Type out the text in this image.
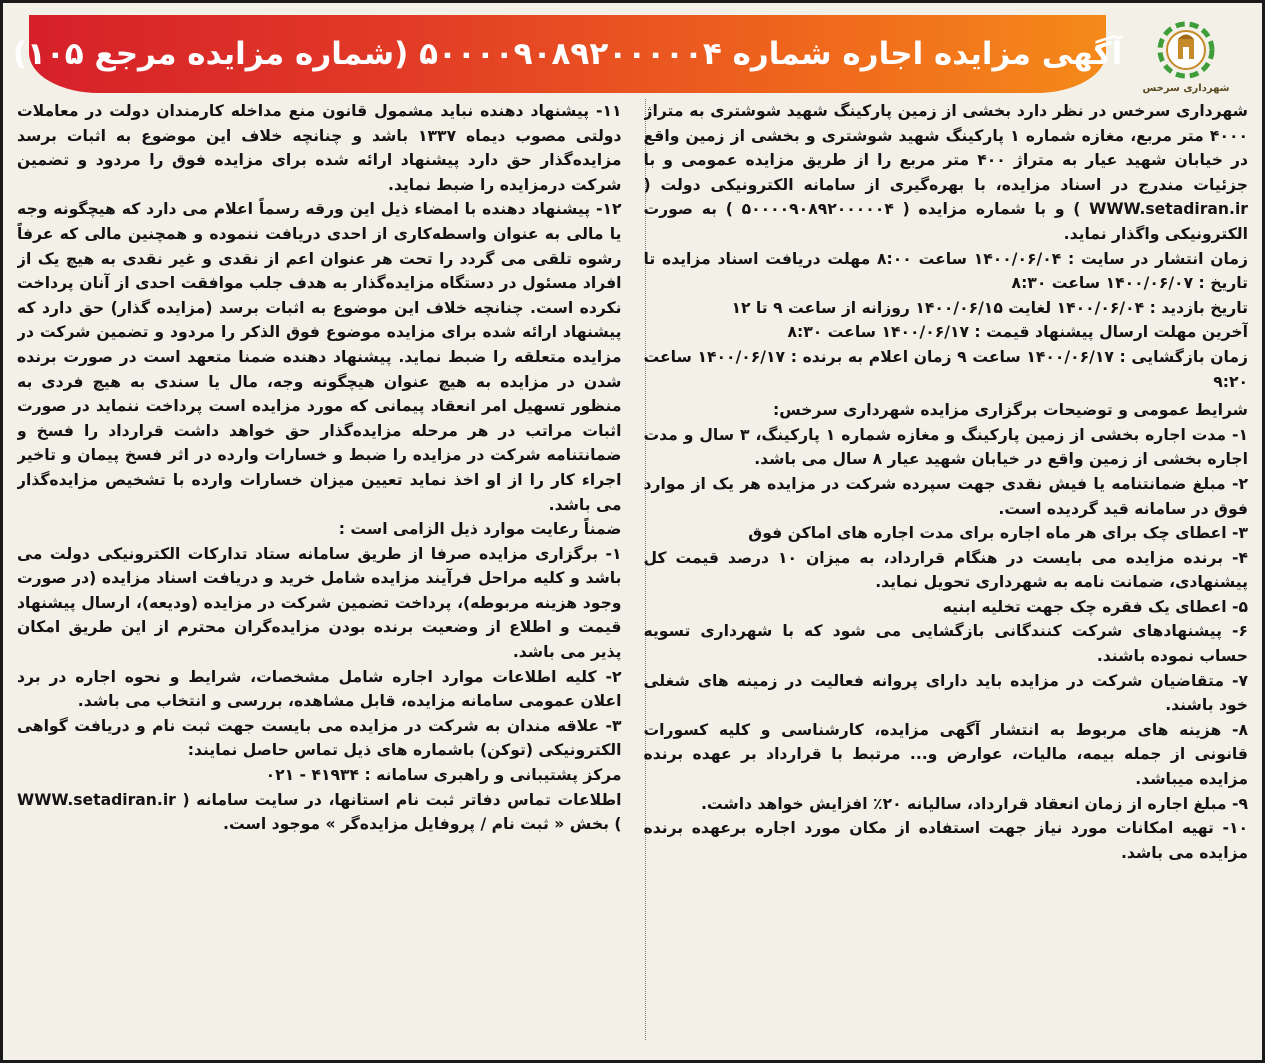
آگهی مزایده اجاره شماره ۵۰۰۰۰۹۰۸۹۲۰۰۰۰۰۴ (شماره مزایده مرجع ۱۰۵)
شهرداری سرخس

شهرداری سرخس در نظر دارد بخشی از زمین پارکینگ شهید شوشتری به متراژ ۴۰۰۰ متر مربع، مغازه شماره ۱ پارکینگ شهید شوشتری و بخشی از زمین واقع در خیابان شهید عیار به متراژ ۴۰۰ متر مربع را از طریق مزایده عمومی و با جزئیات مندرج در اسناد مزایده، با بهره‌گیری از سامانه الکترونیکی دولت ( WWW.setadiran.ir ) و با شماره مزایده ( ۵۰۰۰۰۹۰۸۹۲۰۰۰۰۰۴ ) به صورت الکترونیکی واگذار نماید.

زمان انتشار در سایت : ۱۴۰۰/۰۶/۰۴ ساعت ۸:۰۰ مهلت دریافت اسناد مزایده تا تاریخ : ۱۴۰۰/۰۶/۰۷ ساعت ۸:۳۰

تاریخ بازدید : ۱۴۰۰/۰۶/۰۴ لغایت ۱۴۰۰/۰۶/۱۵ روزانه از ساعت ۹ تا ۱۲

آخرین مهلت ارسال پیشنهاد قیمت : ۱۴۰۰/۰۶/۱۷ ساعت ۸:۳۰

زمان بازگشایی : ۱۴۰۰/۰۶/۱۷ ساعت ۹ زمان اعلام به برنده : ۱۴۰۰/۰۶/۱۷ ساعت ۹:۲۰

شرایط عمومی و توضیحات برگزاری مزایده شهرداری سرخس:

۱- مدت اجاره بخشی از زمین پارکینگ و مغازه شماره ۱ پارکینگ، ۳ سال و مدت اجاره بخشی از زمین واقع در خیابان شهید عیار ۸ سال می باشد.

۲- مبلغ ضمانتنامه یا فیش نقدی جهت سپرده شرکت در مزایده هر یک از موارد فوق در سامانه قید گردیده است.

۳- اعطای چک برای هر ماه اجاره برای مدت اجاره های اماکن فوق

۴- برنده مزایده می بایست در هنگام قرارداد، به میزان ۱۰ درصد قیمت کل پیشنهادی، ضمانت نامه به شهرداری تحویل نماید.

۵- اعطای یک فقره چک جهت تخلیه ابنیه

۶- پیشنهادهای شرکت کنندگانی بازگشایی می شود که با شهرداری تسویه حساب نموده باشند.

۷- متقاضیان شرکت در مزایده باید دارای پروانه فعالیت در زمینه های شغلی خود باشند.

۸- هزینه های مربوط به انتشار آگهی مزایده، کارشناسی و کلیه کسورات قانونی از جمله بیمه، مالیات، عوارض و... مرتبط با قرارداد بر عهده برنده مزایده میباشد.

۹- مبلغ اجاره از زمان انعقاد قرارداد، سالیانه ۲۰٪ افزایش خواهد داشت.

۱۰- تهیه امکانات مورد نیاز جهت استفاده از مکان مورد اجاره برعهده برنده مزایده می باشد.

۱۱- پیشنهاد دهنده نباید مشمول قانون منع مداخله کارمندان دولت در معاملات دولتی مصوب دیماه ۱۳۳۷ باشد و چنانچه خلاف این موضوع به اثبات برسد مزایده‌گذار حق دارد پیشنهاد ارائه شده برای مزایده فوق را مردود و تضمین شرکت درمزایده را ضبط نماید.

۱۲- پیشنهاد دهنده با امضاء ذیل این ورقه رسماً اعلام می دارد که هیچگونه وجه یا مالی به عنوان واسطه‌کاری از احدی دریافت ننموده و همچنین مالی که عرفاً رشوه تلقی می گردد را تحت هر عنوان اعم از نقدی و غیر نقدی به هیچ یک از افراد مسئول در دستگاه مزایده‌گذار به هدف جلب موافقت احدی از آنان پرداخت نکرده است. چنانچه خلاف این موضوع به اثبات برسد (مزایده گذار) حق دارد که پیشنهاد ارائه شده برای مزایده موضوع فوق الذکر را مردود و تضمین شرکت در مزایده متعلقه را ضبط نماید. پیشنهاد دهنده ضمنا متعهد است در صورت برنده شدن در مزایده به هیچ عنوان هیچگونه وجه، مال یا سندی به هیچ فردی به منظور تسهیل امر انعقاد پیمانی که مورد مزایده است پرداخت ننماید در صورت اثبات مراتب در هر مرحله مزایده‌گذار حق خواهد داشت قرارداد را فسخ و ضمانتنامه شرکت در مزایده را ضبط و خسارات وارده در اثر فسخ پیمان و تاخیر اجراء کار را از او اخذ نماید تعیین میزان خسارات وارده با تشخیص مزایده‌گذار می باشد.

ضمناً رعایت موارد ذیل الزامی است :

۱- برگزاری مزایده صرفا از طریق سامانه ستاد تدارکات الکترونیکی دولت می باشد و کلیه مراحل فرآیند مزایده شامل خرید و دریافت اسناد مزایده (در صورت وجود هزینه مربوطه)، پرداخت تضمین شرکت در مزایده (ودیعه)، ارسال پیشنهاد قیمت و اطلاع از وضعیت برنده بودن مزایده‌گران محترم از این طریق امکان پذیر می باشد.

۲- کلیه اطلاعات موارد اجاره شامل مشخصات، شرایط و نحوه اجاره در برد اعلان عمومی سامانه مزایده، قابل مشاهده، بررسی و انتخاب می باشد.

۳- علاقه مندان به شرکت در مزایده می بایست جهت ثبت نام و دریافت گواهی الکترونیکی (توکن) باشماره های ذیل تماس حاصل نمایند:

مرکز پشتیبانی و راهبری سامانه : ۴۱۹۳۴ - ۰۲۱

اطلاعات تماس دفاتر ثبت نام استانها، در سایت سامانه ( WWW.setadiran.ir ) بخش « ثبت نام / پروفایل مزایده‌گر » موجود است.
